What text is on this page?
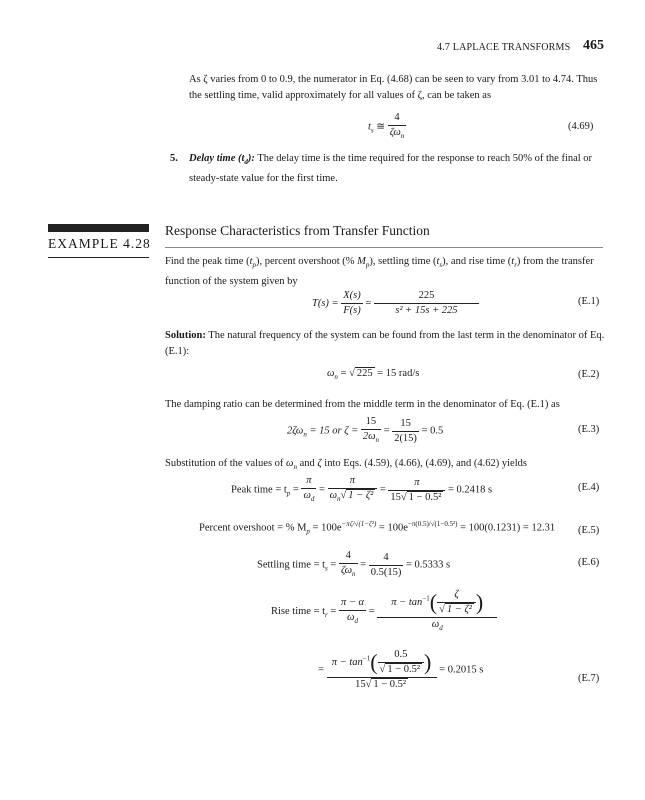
4.7 LAPLACE TRANSFORMS 465
As ζ varies from 0 to 0.9, the numerator in Eq. (4.68) can be seen to vary from 3.01 to 4.74. Thus the settling time, valid approximately for all values of ζ, can be taken as
$t_s$ ≅ $\frac{4}{\zeta\omega_n}$	(4.69)
5. Delay time $(t_d)$: The delay time is the time required for the response to reach 50% of the final or steady-state value for the first time.
EXAMPLE 4.28
Response Characteristics from Transfer Function
Find the peak time $(t_p)$, percent overshoot (% $M_p$), settling time $(t_s)$, and rise time $(t_r)$ from the transfer function of the system given by
$T(s) = \frac{X(s)}{F(s)} = \frac{225}{\text{s² + 15s + 225}}$	(E.1)
Solution: The natural frequency of the system can be found from the last term in the denominator of Eq. (E.1):
$\omega_n$ = √ 225 = 15 rad/s	(E.2)
The damping ratio can be determined from the middle term in the denominator of Eq. (E.1) as
$2\zeta\omega_n = 15$ or $\zeta = \frac{15}{2\omega_n} = \frac{15}{2(15)} = 0.5$	(E.3)
Substitution of the values of $\omega_n$ and ζ into Eqs. (4.59), (4.66), (4.69), and (4.62) yields
Peak time = $t_p = \frac{\pi}{\omega_d} = \frac{\pi}{\omega_n√ 1 - \zeta^2} = \frac{\pi}{\text{15√ 1 − 0.5²}} = 0.2418$ s	(E.4)
Percent overshoot = % $M_p = 100e^{-\pi\zeta/√(1-\zeta^2)} = 100e^{-\pi(0.5)/√(1-0.5^2)} = 100(0.1231) = 12.31$ (E.5)
Settling time = $t_s = \frac{4}{\zeta\omega_n} = \frac{4}{0.5(15)} = 0.5333$ s	(E.6)
Rise time = $t_r = \frac{\pi - \alpha}{\omega_d} = \frac{\pi - \tan^{-1}( \frac{\zeta}{\text{√ 1 − ζ²}} )}{\omega_d}$
= $\frac{\pi - \tan^{-1}( \frac{0.5}{\text{√ 1 − 0.5²}} )}{\text{15√ 1 − 0.5²}} = 0.2015$ s
(E.7)
